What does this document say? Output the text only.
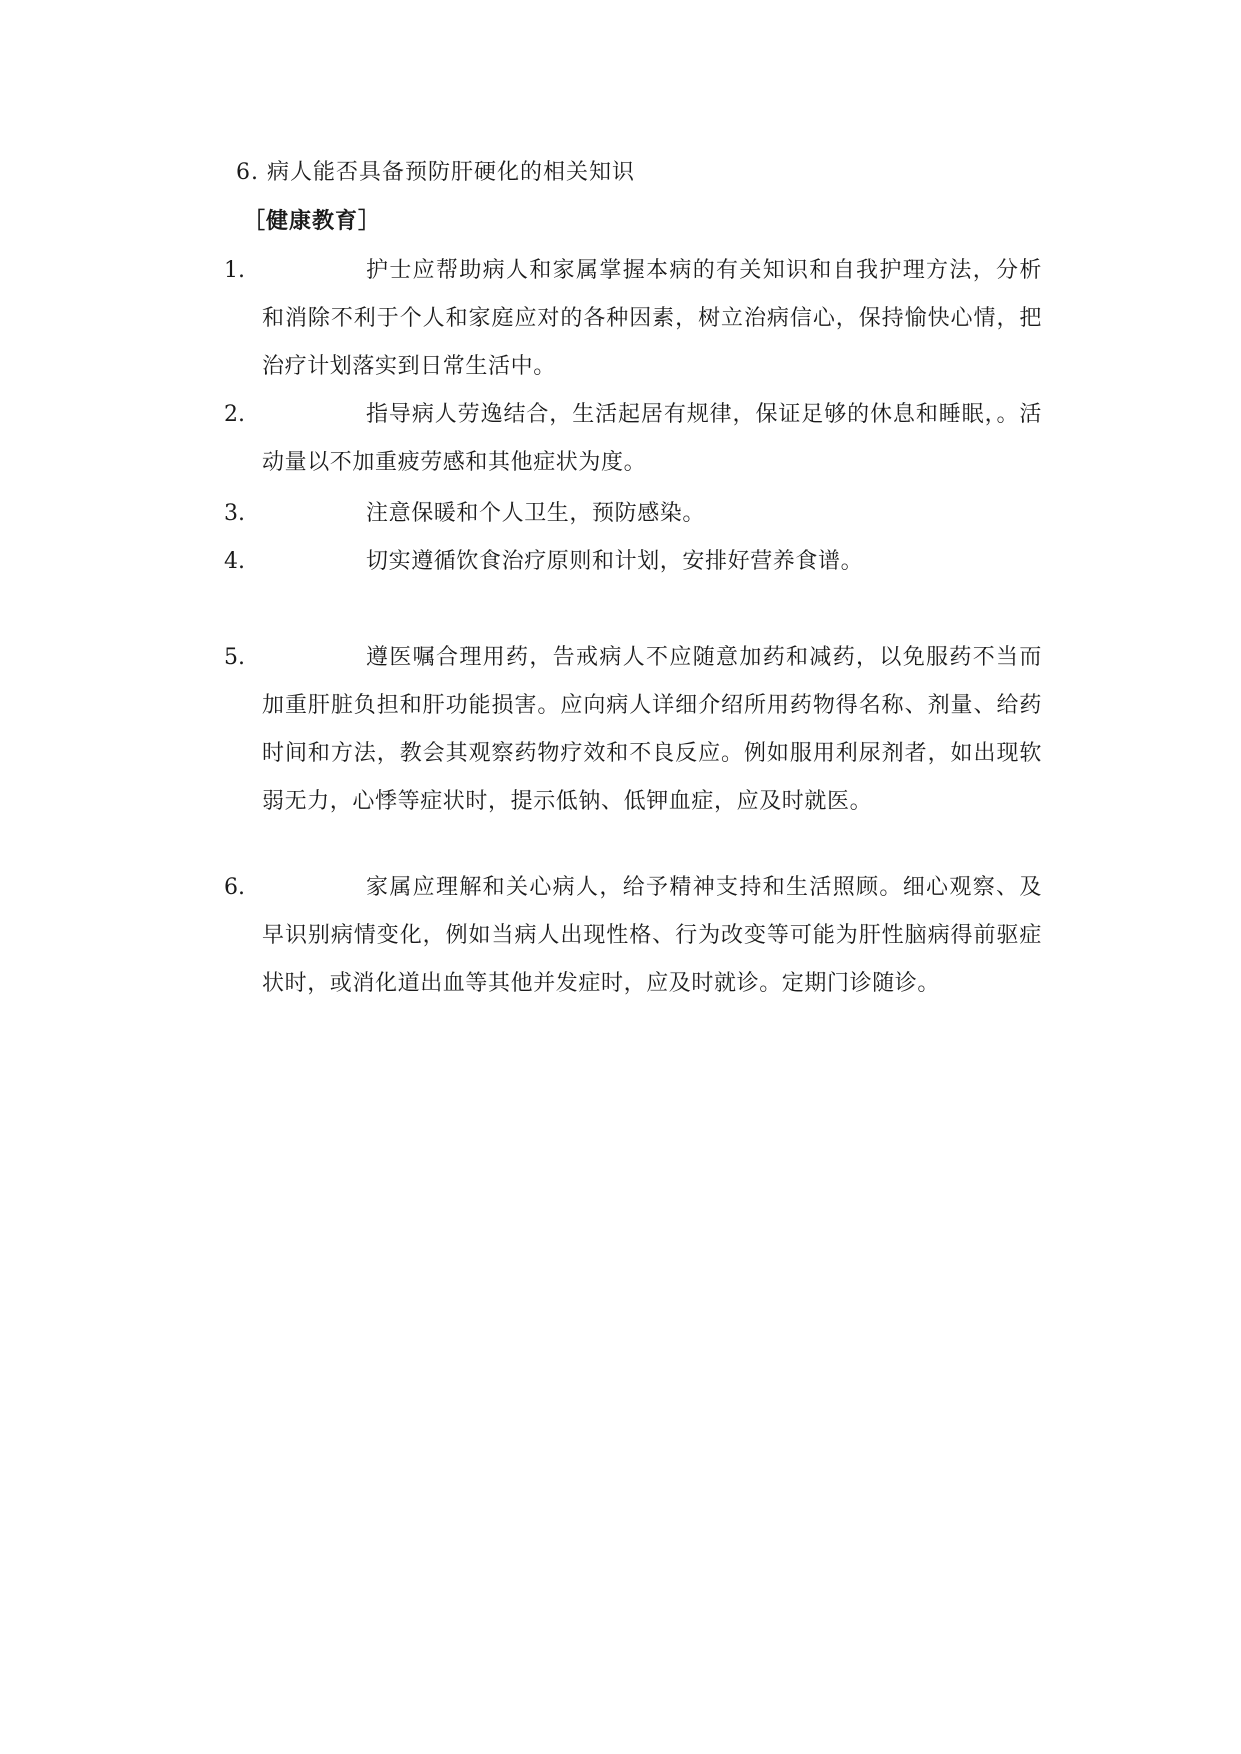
6. 病人能否具备预防肝硬化的相关知识
［健康教育］
1.	护士应帮助病人和家属掌握本病的有关知识和自我护理方法，分析和消除不利于个人和家庭应对的各种因素，树立治病信心，保持愉快心情，把治疗计划落实到日常生活中。
2.	指导病人劳逸结合，生活起居有规律，保证足够的休息和睡眠，。活动量以不加重疲劳感和其他症状为度。
3.	注意保暖和个人卫生，预防感染。
4.	切实遵循饮食治疗原则和计划，安排好营养食谱。
5.	遵医嘱合理用药，告戒病人不应随意加药和减药，以免服药不当而加重肝脏负担和肝功能损害。应向病人详细介绍所用药物得名称、剂量、给药时间和方法，教会其观察药物疗效和不良反应。例如服用利尿剂者，如出现软弱无力，心悸等症状时，提示低钠、低钾血症，应及时就医。
6.	家属应理解和关心病人，给予精神支持和生活照顾。细心观察、及早识别病情变化，例如当病人出现性格、行为改变等可能为肝性脑病得前驱症状时，或消化道出血等其他并发症时，应及时就诊。定期门诊随诊。
